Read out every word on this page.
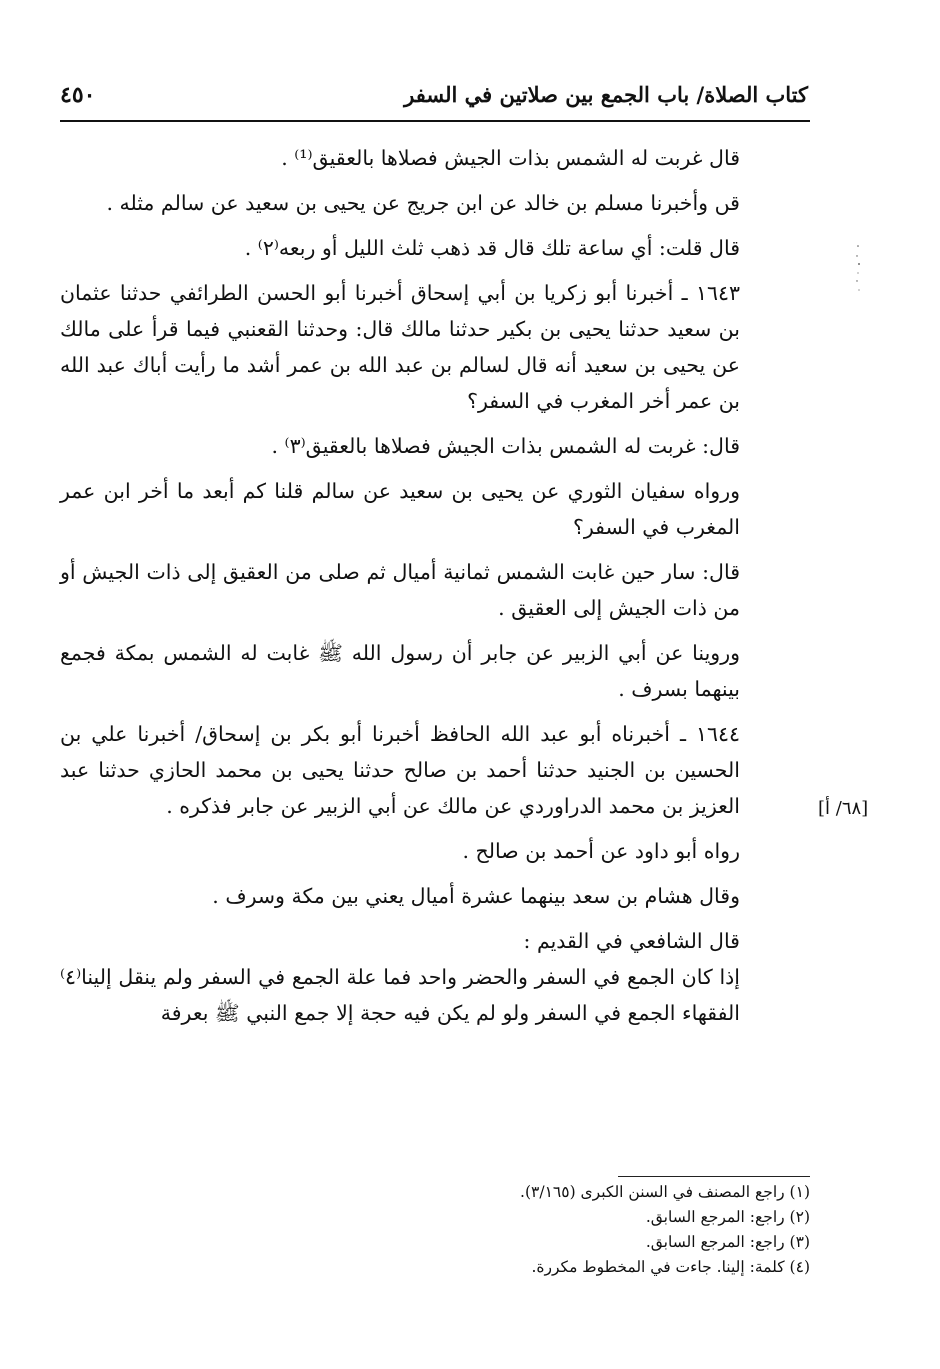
كتاب الصلاة/ باب الجمع بين صلاتين في السفر
٤٥٠

قال غربت له الشمس بذات الجيش فصلاها بالعقيق⁽¹⁾ .

قں وأخبرنا مسلم بن خالد عن ابن جريج عن يحيى بن سعيد عن سالم مثله .

قال قلت: أي ساعة تلك قال قد ذهب ثلث الليل أو ربعه⁽٢⁾ .

١٦٤٣ ـ أخبرنا أبو زكريا بن أبي إسحاق أخبرنا أبو الحسن الطرائفي حدثنا عثمان بن سعيد حدثنا يحيى بن بكير حدثنا مالك قال: وحدثنا القعنبي فيما قرأ على مالك عن يحيى بن سعيد أنه قال لسالم بن عبد الله بن عمر أشد ما رأيت أباك عبد الله بن عمر أخر المغرب في السفر؟

قال: غربت له الشمس بذات الجيش فصلاها بالعقيق⁽٣⁾ .

ورواه سفيان الثوري عن يحيى بن سعيد عن سالم قلنا كم أبعد ما أخر ابن عمر المغرب في السفر؟

قال: سار حين غابت الشمس ثمانية أميال ثم صلى من العقيق إلى ذات الجيش أو من ذات الجيش إلى العقيق .

وروينا عن أبي الزبير عن جابر أن رسول الله ﷺ غابت له الشمس بمكة فجمع بينهما بسرف .

١٦٤٤ ـ أخبرناه أبو عبد الله الحافظ أخبرنا أبو بكر بن إسحاق/ أخبرنا علي بن الحسين بن الجنيد حدثنا أحمد بن صالح حدثنا يحيى بن محمد الحازي حدثنا عبد العزيز بن محمد الدراوردي عن مالك عن أبي الزبير عن جابر فذكره .

رواه أبو داود عن أحمد بن صالح .

وقال هشام بن سعد بينهما عشرة أميال يعني بين مكة وسرف .

قال الشافعي في القديم :

إذا كان الجمع في السفر والحضر واحد فما علة الجمع في السفر ولم ينقل إلينا⁽٤⁾ الفقهاء الجمع في السفر ولو لم يكن فيه حجة إلا جمع النبي ﷺ بعرفة

[٦٨/ أ]
(١) راجع المصنف في السنن الكبرى (٣/١٦٥).
(٢) راجع: المرجع السابق.
(٣) راجع: المرجع السابق.
(٤) كلمة: إلينا. جاءت في المخطوط مكررة.
